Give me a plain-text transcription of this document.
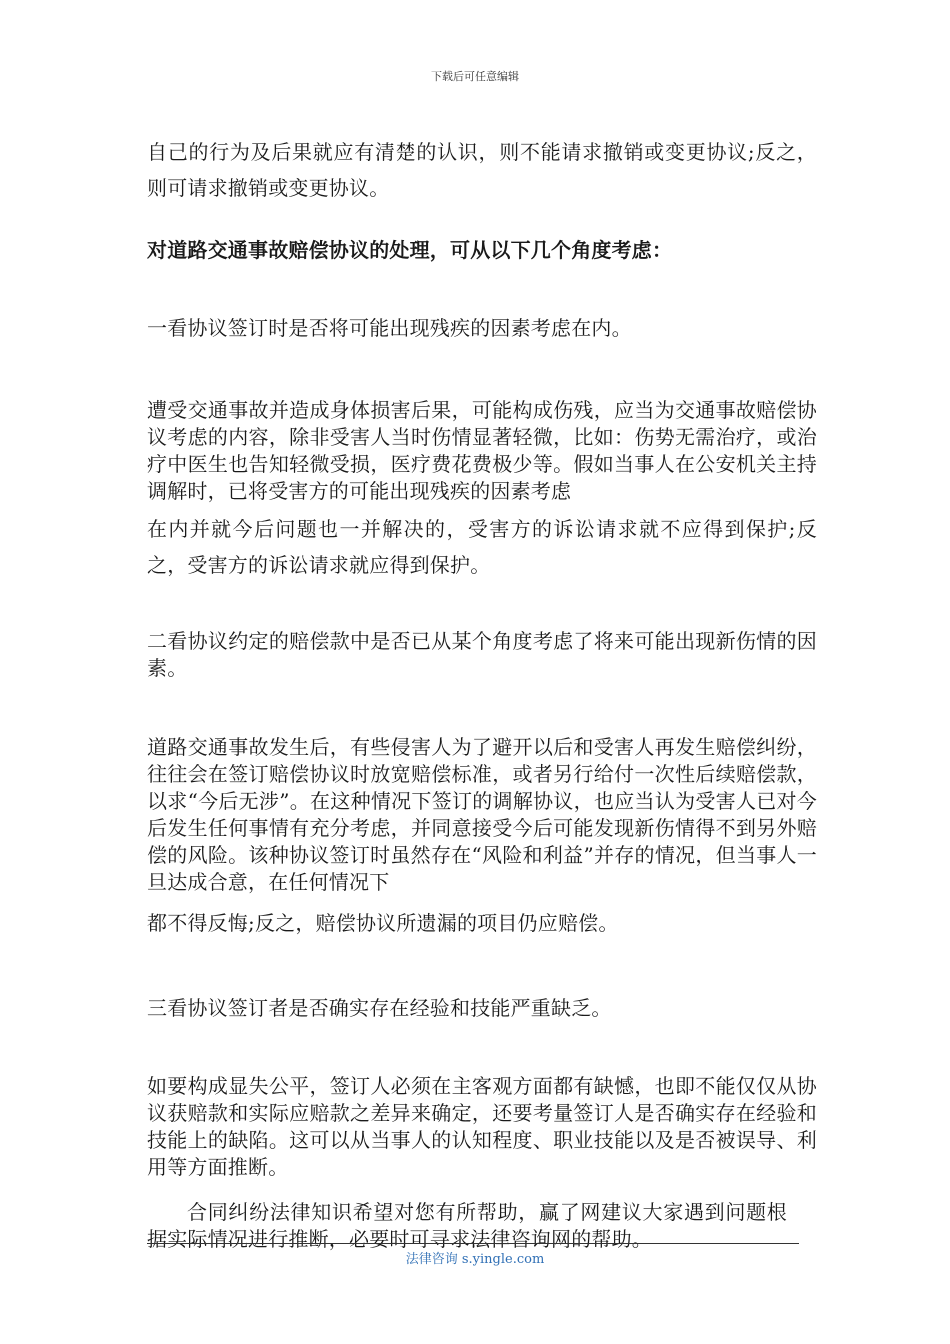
下载后可任意编辑

自己的行为及后果就应有清楚的认识，则不能请求撤销或变更协议;反之，则可请求撤销或变更协议。

对道路交通事故赔偿协议的处理，可从以下几个角度考虑：

一看协议签订时是否将可能出现残疾的因素考虑在内。

遭受交通事故并造成身体损害后果，可能构成伤残，应当为交通事故赔偿协议考虑的内容，除非受害人当时伤情显著轻微，比如：伤势无需治疗，或治疗中医生也告知轻微受损，医疗费花费极少等。假如当事人在公安机关主持调解时，已将受害方的可能出现残疾的因素考虑

在内并就今后问题也一并解决的，受害方的诉讼请求就不应得到保护;反之，受害方的诉讼请求就应得到保护。

二看协议约定的赔偿款中是否已从某个角度考虑了将来可能出现新伤情的因素。

道路交通事故发生后，有些侵害人为了避开以后和受害人再发生赔偿纠纷，往往会在签订赔偿协议时放宽赔偿标准，或者另行给付一次性后续赔偿款，以求“今后无涉”。在这种情况下签订的调解协议，也应当认为受害人已对今后发生任何事情有充分考虑，并同意接受今后可能发现新伤情得不到另外赔偿的风险。该种协议签订时虽然存在“风险和利益”并存的情况，但当事人一旦达成合意，在任何情况下

都不得反悔;反之，赔偿协议所遗漏的项目仍应赔偿。

三看协议签订者是否确实存在经验和技能严重缺乏。

如要构成显失公平，签订人必须在主客观方面都有缺憾，也即不能仅仅从协议获赔款和实际应赔款之差异来确定，还要考量签订人是否确实存在经验和技能上的缺陷。这可以从当事人的认知程度、职业技能以及是否被误导、利用等方面推断。

合同纠纷法律知识希望对您有所帮助，赢了网建议大家遇到问题根据实际情况进行推断，必要时可寻求法律咨询网的帮助。

法律咨询 s.yingle.com
